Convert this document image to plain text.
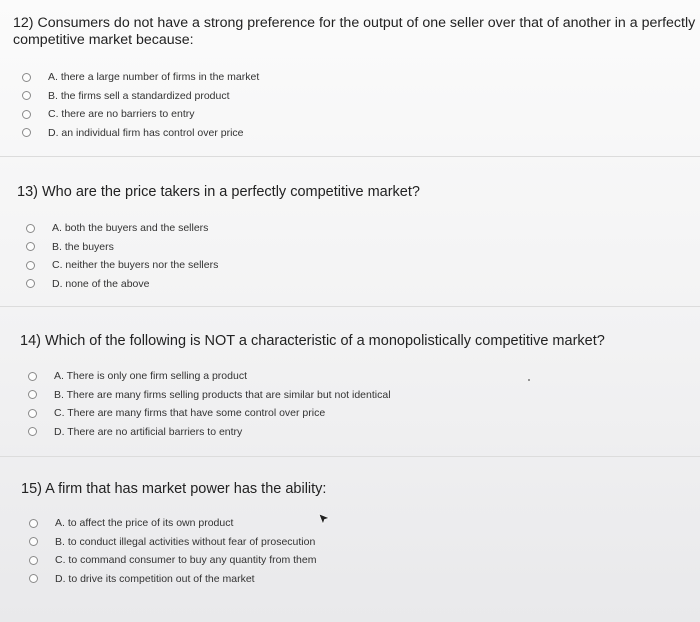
12) Consumers do not have a strong preference for the output of one seller over that of another in a perfectly
competitive market because:
A. there a large number of firms in the market
B. the firms sell a standardized product
C. there are no barriers to entry
D. an individual firm has control over price
13) Who are the price takers in a perfectly competitive market?
A. both the buyers and the sellers
B. the buyers
C. neither the buyers nor the sellers
D. none of the above
14) Which of the following is NOT a characteristic of a monopolistically competitive market?
A. There is only one firm selling a product
B. There are many firms selling products that are similar but not identical
C. There are many firms that have some control over price
D. There are no artificial barriers to entry
15) A firm that has market power has the ability:
A. to affect the price of its own product
B. to conduct illegal activities without fear of prosecution
C. to command consumer to buy any quantity from them
D. to drive its competition out of the market
